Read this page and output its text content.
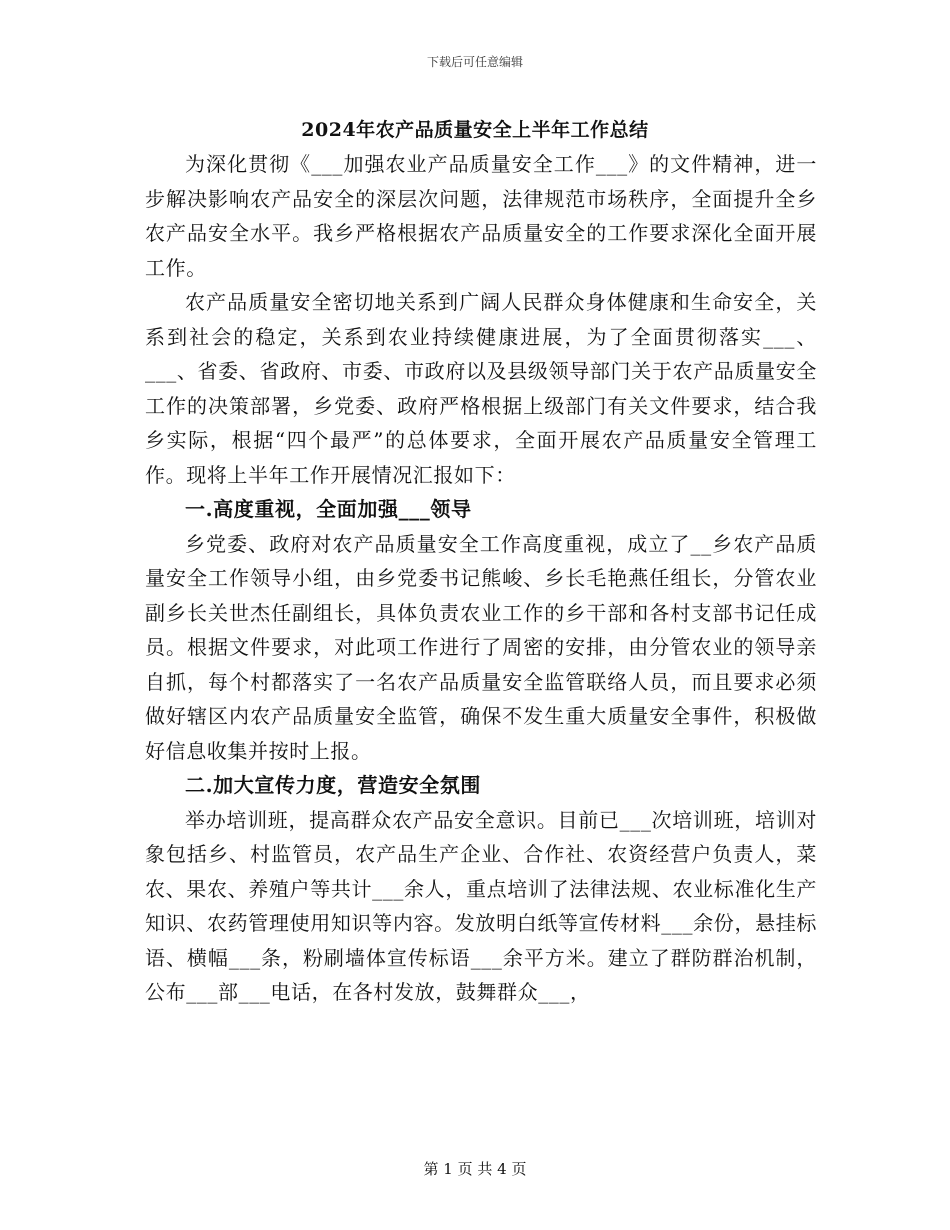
下载后可任意编辑
2024年农产品质量安全上半年工作总结

为深化贯彻《___加强农业产品质量安全工作___》的文件精神，进一步解决影响农产品安全的深层次问题，法律规范市场秩序，全面提升全乡农产品安全水平。我乡严格根据农产品质量安全的工作要求深化全面开展工作。

农产品质量安全密切地关系到广阔人民群众身体健康和生命安全，关系到社会的稳定，关系到农业持续健康进展，为了全面贯彻落实___、___、省委、省政府、市委、市政府以及县级领导部门关于农产品质量安全工作的决策部署，乡党委、政府严格根据上级部门有关文件要求，结合我乡实际，根据“四个最严”的总体要求，全面开展农产品质量安全管理工作。现将上半年工作开展情况汇报如下：

一.高度重视，全面加强___领导

乡党委、政府对农产品质量安全工作高度重视，成立了__乡农产品质量安全工作领导小组，由乡党委书记熊峻、乡长毛艳燕任组长，分管农业副乡长关世杰任副组长，具体负责农业工作的乡干部和各村支部书记任成员。根据文件要求，对此项工作进行了周密的安排，由分管农业的领导亲自抓，每个村都落实了一名农产品质量安全监管联络人员，而且要求必须做好辖区内农产品质量安全监管，确保不发生重大质量安全事件，积极做好信息收集并按时上报。

二.加大宣传力度，营造安全氛围

举办培训班，提高群众农产品安全意识。目前已___次培训班，培训对象包括乡、村监管员，农产品生产企业、合作社、农资经营户负责人，菜农、果农、养殖户等共计___余人，重点培训了法律法规、农业标准化生产知识、农药管理使用知识等内容。发放明白纸等宣传材料___余份，悬挂标语、横幅___条，粉刷墙体宣传标语___余平方米。建立了群防群治机制，公布___部___电话，在各村发放，鼓舞群众___，

第 1 页 共 4 页
